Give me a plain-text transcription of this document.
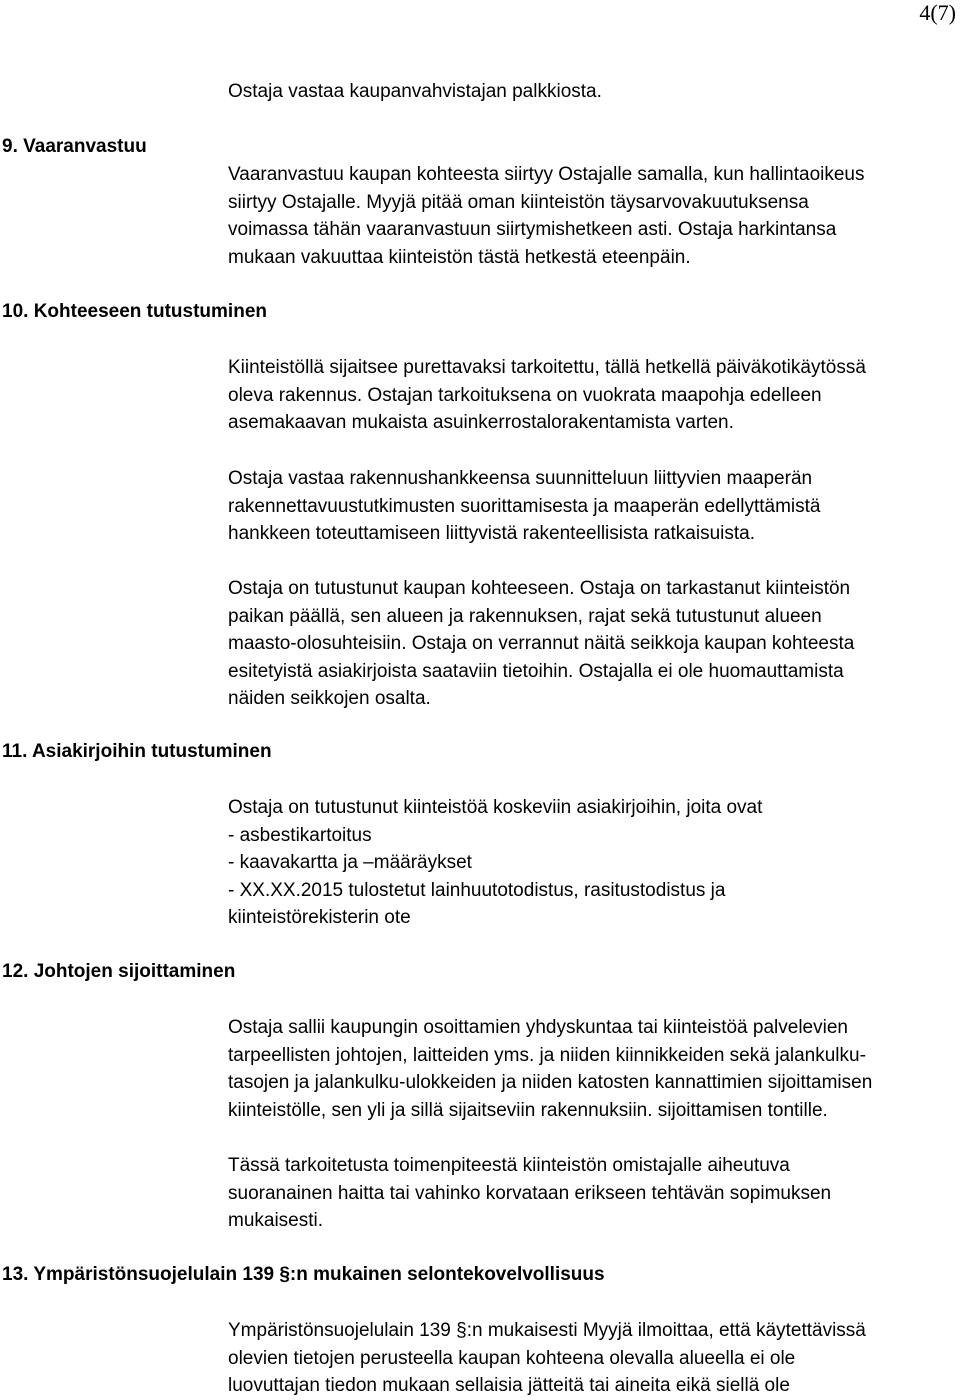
4(7)
Ostaja vastaa kaupanvahvistajan palkkiosta.
9. Vaaranvastuu
Vaaranvastuu kaupan kohteesta siirtyy Ostajalle samalla, kun hallintaoikeus
siirtyy Ostajalle. Myyjä pitää oman kiinteistön täysarvovakuutuksensa
voimassa tähän vaaranvastuun siirtymishetkeen asti. Ostaja harkintansa
mukaan vakuuttaa kiinteistön tästä hetkestä eteenpäin.
10. Kohteeseen tutustuminen
Kiinteistöllä sijaitsee purettavaksi tarkoitettu, tällä hetkellä päiväkotikäytössä
oleva rakennus. Ostajan tarkoituksena on vuokrata maapohja edelleen
asemakaavan mukaista asuinkerrostalorakentamista varten.
Ostaja vastaa rakennushankkeensa suunnitteluun liittyvien maaperän
rakennettavuustutkimusten suorittamisesta ja maaperän edellyttämistä
hankkeen toteuttamiseen liittyvistä rakenteellisista ratkaisuista.
Ostaja on tutustunut kaupan kohteeseen. Ostaja on tarkastanut kiinteistön
paikan päällä, sen alueen ja rakennuksen, rajat sekä tutustunut alueen
maasto-olosuhteisiin. Ostaja on verrannut näitä seikkoja kaupan kohteesta
esitetyistä asiakirjoista saataviin tietoihin. Ostajalla ei ole huomauttamista
näiden seikkojen osalta.
11. Asiakirjoihin tutustuminen
Ostaja on tutustunut kiinteistöä koskeviin asiakirjoihin, joita ovat
- asbestikartoitus
- kaavakartta ja –määräykset
- XX.XX.2015 tulostetut lainhuutotodistus, rasitustodistus ja
kiinteistörekisterin ote
12. Johtojen sijoittaminen
Ostaja sallii kaupungin osoittamien yhdyskuntaa tai kiinteistöä palvelevien
tarpeellisten johtojen, laitteiden yms. ja niiden kiinnikkeiden sekä jalankulku-
tasojen ja jalankulku-ulokkeiden ja niiden katosten kannattimien sijoittamisen
kiinteistölle, sen yli ja sillä sijaitseviin rakennuksiin. sijoittamisen tontille.
Tässä tarkoitetusta toimenpiteestä kiinteistön omistajalle aiheutuva
suoranainen haitta tai vahinko korvataan erikseen tehtävän sopimuksen
mukaisesti.
13. Ympäristönsuojelulain 139 §:n mukainen selontekovelvollisuus
Ympäristönsuojelulain 139 §:n mukaisesti Myyjä ilmoittaa, että käytettävissä
olevien tietojen perusteella kaupan kohteena olevalla alueella ei ole
luovuttajan tiedon mukaan sellaisia jätteitä tai aineita eikä siellä ole
